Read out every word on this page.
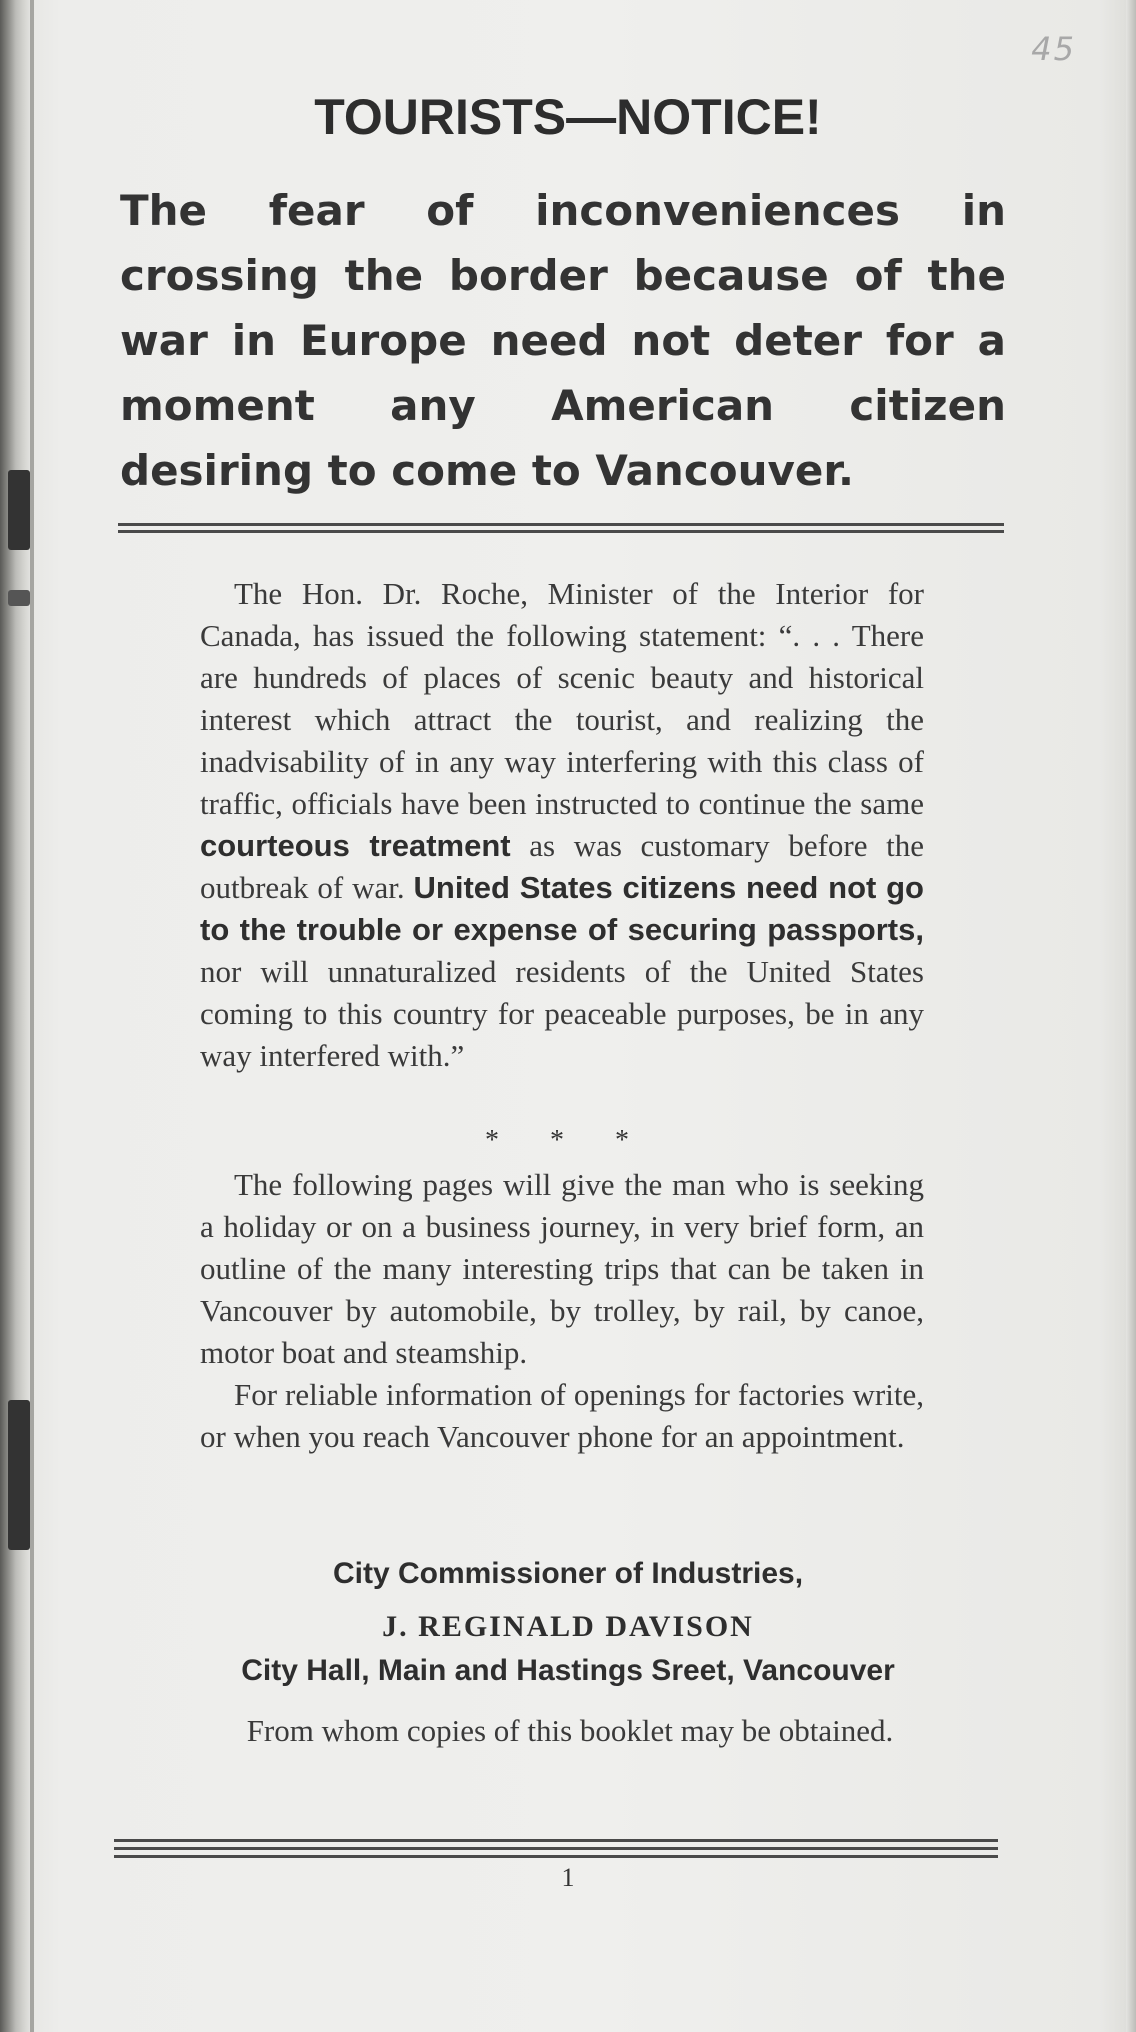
45
TOURISTS—NOTICE!
The fear of inconveniences in crossing the border because of the war in Europe need not deter for a moment any American citizen desiring to come to Vancouver.

The Hon. Dr. Roche, Minister of the Interior for Canada, has issued the following statement: “. . . There are hundreds of places of scenic beauty and historical interest which attract the tourist, and realizing the inadvisability of in any way interfering with this class of traffic, officials have been instructed to continue the same courteous treatment as was customary before the outbreak of war. United States citizens need not go to the trouble or expense of securing passports, nor will unnaturalized residents of the United States coming to this country for peaceable purposes, be in any way interfered with.”

* * *

The following pages will give the man who is seeking a holiday or on a business journey, in very brief form, an outline of the many interesting trips that can be taken in Vancouver by automobile, by trolley, by rail, by canoe, motor boat and steamship.

For reliable information of openings for factories write, or when you reach Vancouver phone for an appointment.

City Commissioner of Industries,
J. REGINALD DAVISON
City Hall, Main and Hastings Sreet, Vancouver
From whom copies of this booklet may be obtained.
1
